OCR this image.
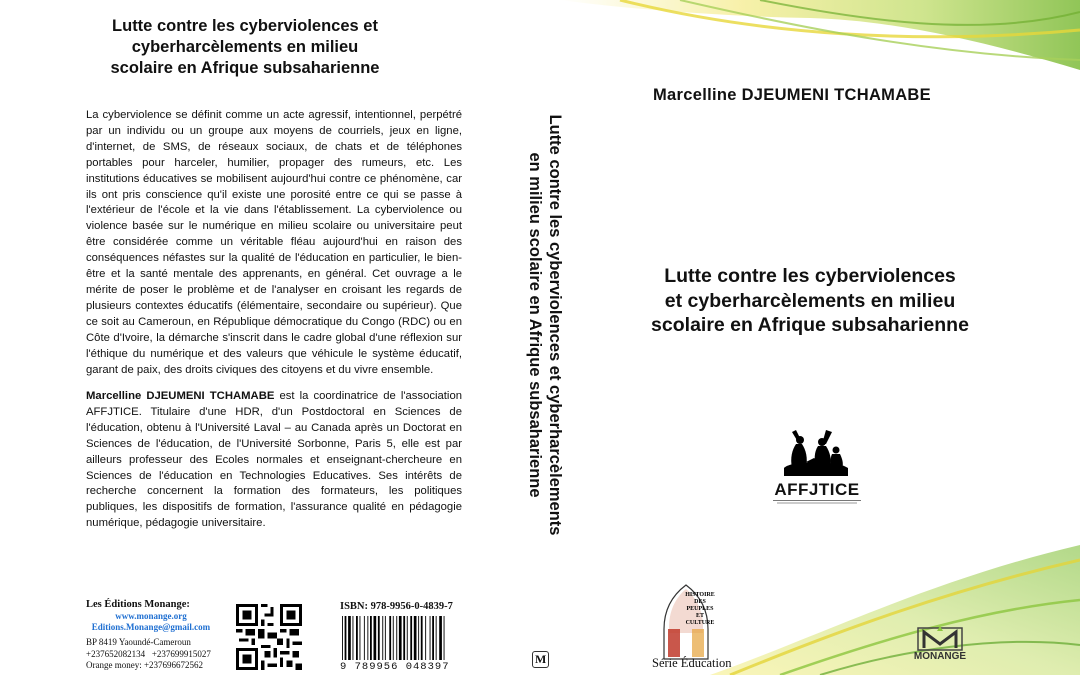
Lutte contre les cyberviolences et
cyberharcèlements en milieu
scolaire en Afrique subsaharienne

La cyberviolence se définit comme un acte agressif, intentionnel, perpétré par un individu ou un groupe aux moyens de courriels, jeux en ligne, d'internet, de SMS, de réseaux sociaux, de chats et de téléphones portables pour harceler, humilier, propager des rumeurs, etc. Les institutions éducatives se mobilisent aujourd'hui contre ce phénomène, car ils ont pris conscience qu'il existe une porosité entre ce qui se passe à l'extérieur de l'école et la vie dans l'établissement. La cyberviolence ou violence basée sur le numérique en milieu scolaire ou universitaire peut être considérée comme un véritable fléau aujourd'hui en raison des conséquences néfastes sur la qualité de l'éducation en particulier, le bien-être et la santé mentale des apprenants, en général. Cet ouvrage a le mérite de poser le problème et de l'analyser en croisant les regards de plusieurs contextes éducatifs (élémentaire, secondaire ou supérieur). Que ce soit au Cameroun, en République démocratique du Congo (RDC) ou en Côte d'Ivoire, la démarche s'inscrit dans le cadre global d'une réflexion sur l'éthique du numérique et des valeurs que véhicule le système éducatif, garant de paix, des droits civiques des citoyens et du vivre ensemble.

Marcelline DJEUMENI TCHAMABE est la coordinatrice de l'association AFFJTICE. Titulaire d'une HDR, d'un Postdoctoral en Sciences de l'éducation, obtenu à l'Université Laval – au Canada après un Doctorat en Sciences de l'éducation, de l'Université Sorbonne, Paris 5, elle est par ailleurs professeur des Ecoles normales et enseignant-chercheure en Sciences de l'éducation en Technologies Educatives. Ses intérêts de recherche concernent la formation des formateurs, les politiques publiques, les dispositifs de formation, l'assurance qualité en pédagogie numérique, pédagogie universitaire.

Les Éditions Monange:
www.monange.org
Editions.Monange@gmail.com
BP 8419 Yaoundé-Cameroun
+237652082134 +237699915027
Orange money: +237696672562
ISBN: 978-9956-0-4839-7
9 789956 048397
Lutte contre les cyberviolences et cyberharcèlements
en milieu scolaire en Afrique subsaharienne
M
Marcelline DJEUMENI TCHAMABE
Lutte contre les cyberviolences
et cyberharcèlements en milieu
scolaire en Afrique subsaharienne
AFFJTICE
HISTOIRE
DES
PEUPLES
ET
CULTURE
Série Éducation	MONANGE
